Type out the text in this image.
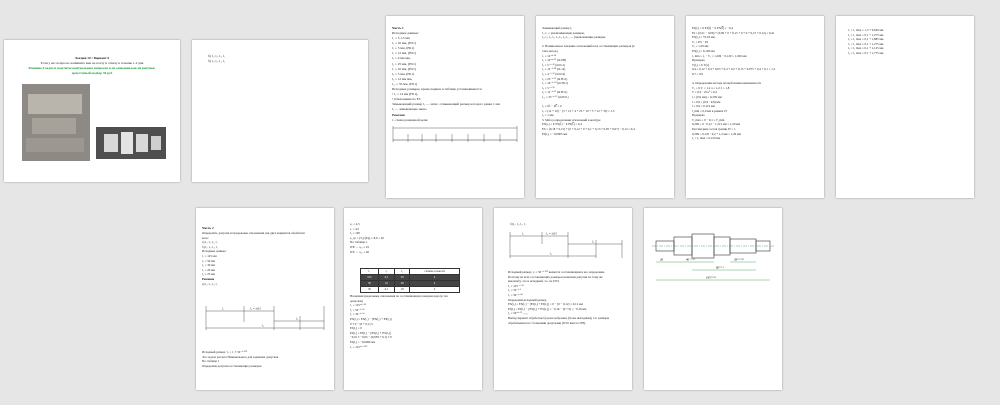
Лекция 10 • Вариант 6
Если у вас вопросы, напишите мне на почту и отвечу в течение 1-2 дня
Решение 6 задач и подсчеты контрольных вопросов и их описание как на рисунке:
допустимый подбор 30 руб

б) l₁, l₂, l₃, l₄

б) l₁, l₂, l₃, l₄

Часть 1

Исходные данные:

l₁ = 5 1,5 мм

l₂ = 10 мм, (H11)

l₃ = 5 мм, (H11)

l₄ = 12 мм, (H11)

l₅ = 4 мм мм,

l₆ = 25 мм, (H11)

l₇ = 10 мм, (H11)

l₈ = 5 мм, (H11)

l₉ = 12 мм мм,

l₁₀ = 35 мм, (H11)

Исходные размеры, кроме первых в таблице устанавливаются

• l₁ = 12 мм (H11),

• Отклонение по ЕЗ

Замыкающий размер l₀ — запас, отмыкающий размер которого равен 1 мм

l₀ — замыкающее звено

Решение

1. схема размерной цепи

Замыкающий размер l₀

l₁, l₂ = увеличивающие размеры,

l₃, l₄, l₅, l₆, l₇, l₈, l₉, l₁₀ — уменьшающие размеры.

2. Номинальное значение отклонений всех составляющих размеров (в

этих метод.)

l₁ = 12⁺⁰·¹⁸

l₂ = 10⁺⁰·¹⁵ (m 6H)

l₃ = 5⁻⁰·¹² (m h11)

l₄ = 12⁻⁰·¹⁸ (m 14)

l₅ = 4⁻⁰·¹² (m h14)

l₆ = 25⁻⁰·¹³ (m H11)

l₇ = 10⁻⁰·⁰⁹ (m H11)

l₈ = 5⁻⁰·¹²

l₉ = 12⁻⁰·¹¹ (m H11)

l₁₀ = 35⁻⁰·¹⁶ (m H11)

l₀ = Σl̄ᵢ − Σl̿ᵢ = 0

l₀ = (12 + 10) − (5 + 12 + 4 + 25 + 10 + 5 + 12 + 35) = 1,5

l₀ = 1 мм

3. Метод определения отклонений в контуре

ES(l₀) = Σ ES(l̄ᵢ) − Σ EI(l̿ᵢ) = 0,4

ES = (0,18 + 0,15) + (0 + 0,12 + 0 + 0,1 + 0,13 + 0,05 + 0,07) − 0,12 = 0,4

EI(l₀) = −0,0005 мм

EI(l₀) = Σ EI(l̄ᵢ) − Σ ES(l̿ᵢ) = −0,4

EI = (0,21 − 0,06) + (0,09 + 0 + 0,15 + 0 + 0 + 0,15 + 0,12) = 0,41

ES(l₀) = +0,18 мм

T₀ = ES − EI

T₀ = 1,29 мм

ES(l₀) = 0,128 мм

l₀ min = l₀ − T₀ = 1,206 − 0,129 = 1,029 мм

Проверка

T(l₀) = Σ T(lᵢ)

0,4 ≥ 0,12 + 0,4 + 0,03 + 0,4 + 0,2 + 0,15 + 0,075 + 0,4 + 0,1 = 1,2

0,7 ≥ 0,9

4. Определение метода полной взаимозаменяемости

T₀ ≤ Σ Tᵢ = 1,2 a = 1,2; l = 1,8

T = 0,4 · √Σaᵢ² = 0,2

l = (0,9 мм) ≤ 0,239 мм

l = 0,9 ≥ (0,9 · 0,8) мм

l = 0,9 = 0,119 мм

l_min = 0,9 мм в рамках IT

Проверка

T_max = 0 − 0,1 = T_min

0,209 ≥ 0 · 0,12 − 1,215 мм = 1,29 мм

Рассмотрим состав границ IT = 1

0,209 ≥ 0,125 · 0,2 + 1,2 мм = 1,29 мм

l₀ = l₀ max = 0,129 мм

l₁ = l₁ max = 1,3 + 0,629 мм

l₂ = l₂ max = 0,1 + 1,275 мм

l₃ = l₃ max = 0,1 + 1,885 мм

l₄ = l₄ max = 0,1 + 1,275 мм

l₅ = l₅ max = 0,1 + 1,125 мм

l₆ = l₆ max = 0,1 + 1,775 мм

Часть 2

Определить допуски и предельные отклонения для двух вариантов обработки

вала:

а) l₁, l₂, l₃, l₄

б) l₁, l₂, l₃, l₄

Исходные данные:

l₁ = 125 мм

l₂ = 50 мм

l₃ = 30 мм

l₄ = 20 мм

l₅ = 25 мм

Решение

а) l₁, l₂, l₃, l₄

l₁	l₂ = ±0,5
l₃
l₄

Исходный размер: l₀ = l₁ ± 50⁻⁰·¹²⁵

Это задача расчета Номинального для заданных допусков

По таблице 1

Определим допуски составляющих размеров

a₂ = 2,5

t₁ = 4,5

l₃ = 100

a_cp = (T₀)/(Σiⱼ) = 8,9 = 20

По таблице 1

IT8 → a₂₈ = 25

IT9 → a₂₉ = 40

l₁	l₂	l₃	степень точности
125	0,1	39	4
50	10	28	4
30	0,1	18	4

Назначим предельные отклонения по составляющим размерам ряда (в тех

допусках)

l₁ = 125⁺⁰·¹⁸

l₂ = 50⁻⁰·⁰⁶

l₃ = 30⁻⁰·⁰⁶

ES(l₀) = ES(l₁) − [ES(l₂) + EI(l₃)]

0 ± 0 − [0 + 0,1] 5

EI(l₀) = 0

EI(l₀) = EI(l₁) − [ES(l₂) + ES(l₃)]

−0,01 ± −0,05 − [0,059 + 0,1] ± 0

EI(l₀) = −0,0484 мм

l₁ = 125⁺⁰·⁰⁵⁹

б) l₁, l₂, l₃, l₄
l₁	l₂ = ±0,5
l₃
l₄

Исходный размер: l₀ = 50⁻⁰·¹²⁵ является составляющим и его определяем.

Поэтому из всех составляющих размеров назначим допуски по тому же

квалитету, что и исходный, т.е. по IT10

l₁ = 125⁻⁰·¹⁶

l₂ = 50⁻⁰·¹

l₃ = 30⁻⁰·⁰⁸

Определим исходный размер

ES(l₀) = ES(l₁) − [EI(l₂) + EI(l₃)] = 0 − [0 − 0,12] = 0,12 мм

EI(l₀) = EI(l₁) − [ES(l₂) + ES(l₃)] = −0,16 − [0 + 0] = −0,16 мм

l₀ = 50⁺⁰·¹²₋₀.₁₆

Выбор вариант обработки б) целесообразнее (более выгодным), т.к. размеры

обрабатываются с большими допусками (IT10 вместо IT8).

28	40⁻⁰·⁰⁵	28⁺⁰·⁰²⁵
60⁺⁰·¹
185⁺⁰·²⁵
